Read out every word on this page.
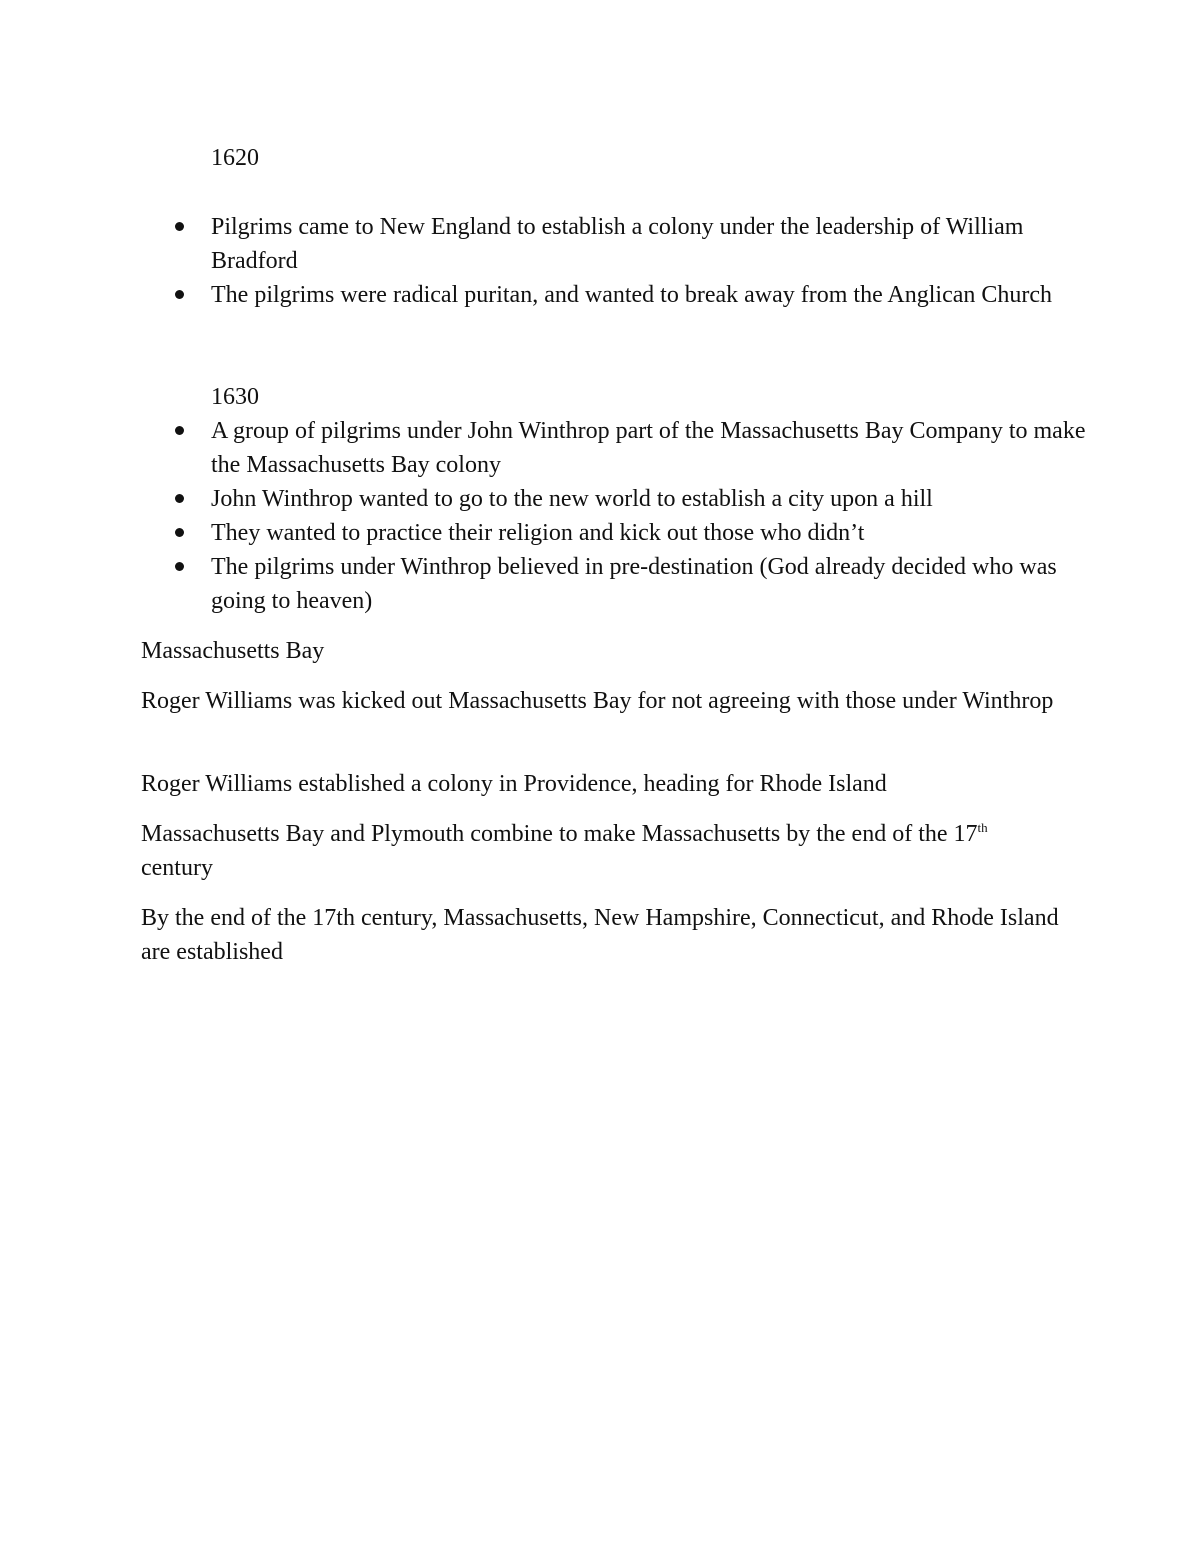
1620
Pilgrims came to New England to establish a colony under the leadership of William Bradford
The pilgrims were radical puritan, and wanted to break away from the Anglican Church
1630
A group of pilgrims under John Winthrop part of the Massachusetts Bay Company to make the Massachusetts Bay colony
John Winthrop wanted to go to the new world to establish a city upon a hill
They wanted to practice their religion and kick out those who didn’t
The pilgrims under Winthrop believed in pre-destination (God already decided who was going to heaven)

Massachusetts Bay

Roger Williams was kicked out Massachusetts Bay for not agreeing with those under Winthrop

Roger Williams established a colony in Providence, heading for Rhode Island

Massachusetts Bay and Plymouth combine to make Massachusetts by the end of the 17th century

By the end of the 17th century, Massachusetts, New Hampshire, Connecticut, and Rhode Island are established
